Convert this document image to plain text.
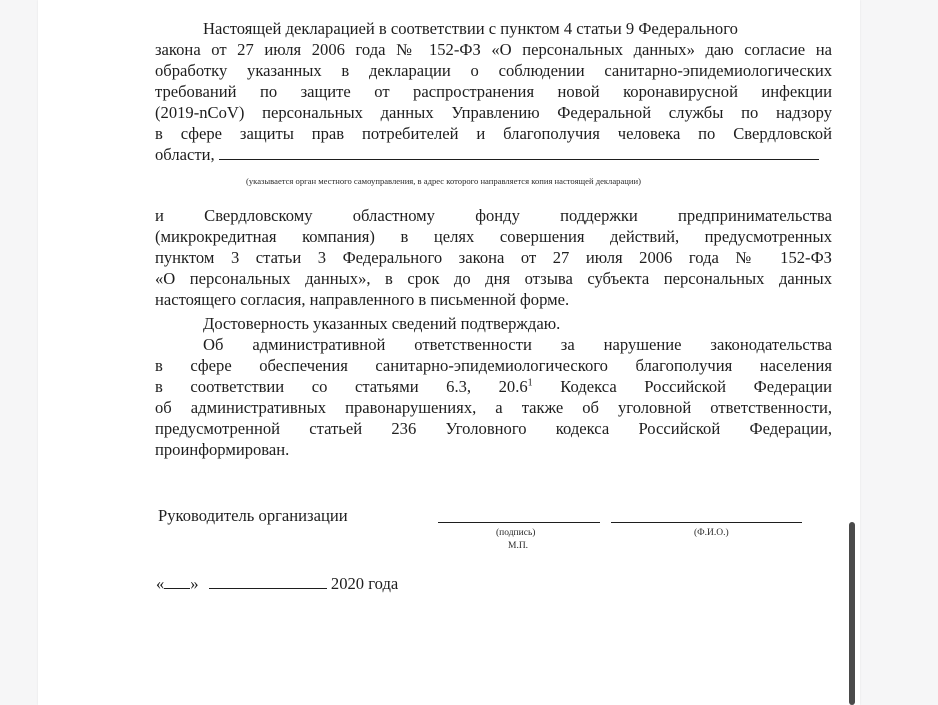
Настоящей декларацией в соответствии с пунктом 4 статьи 9 Федерального
закона от 27 июля 2006 года № 152-ФЗ «О персональных данных» даю согласие на
обработку указанных в декларации о соблюдении санитарно-эпидемиологических
требований по защите от распространения новой коронавирусной инфекции
(2019-nCoV) персональных данных Управлению Федеральной службы по надзору
в сфере защиты прав потребителей и благополучия человека по Свердловской
области,
(указывается орган местного самоуправления, в адрес которого направляется копия настоящей декларации)
и Свердловскому областному фонду поддержки предпринимательства
(микрокредитная компания) в целях совершения действий, предусмотренных
пунктом 3 статьи 3 Федерального закона от 27 июля 2006 года № 152-ФЗ
«О персональных данных», в срок до дня отзыва субъекта персональных данных
настоящего согласия, направленного в письменной форме.
Достоверность указанных сведений подтверждаю.
Об административной ответственности за нарушение законодательства
в сфере обеспечения санитарно-эпидемиологического благополучия населения
в соответствии со статьями 6.3, 20.6$^1$ Кодекса Российской Федерации
об административных правонарушениях, а также об уголовной ответственности,
предусмотренной статьей 236 Уголовного кодекса Российской Федерации,
проинформирован.
Руководитель организации
(подпись)	(Ф.И.О.)
М.П.
« »	2020 года
